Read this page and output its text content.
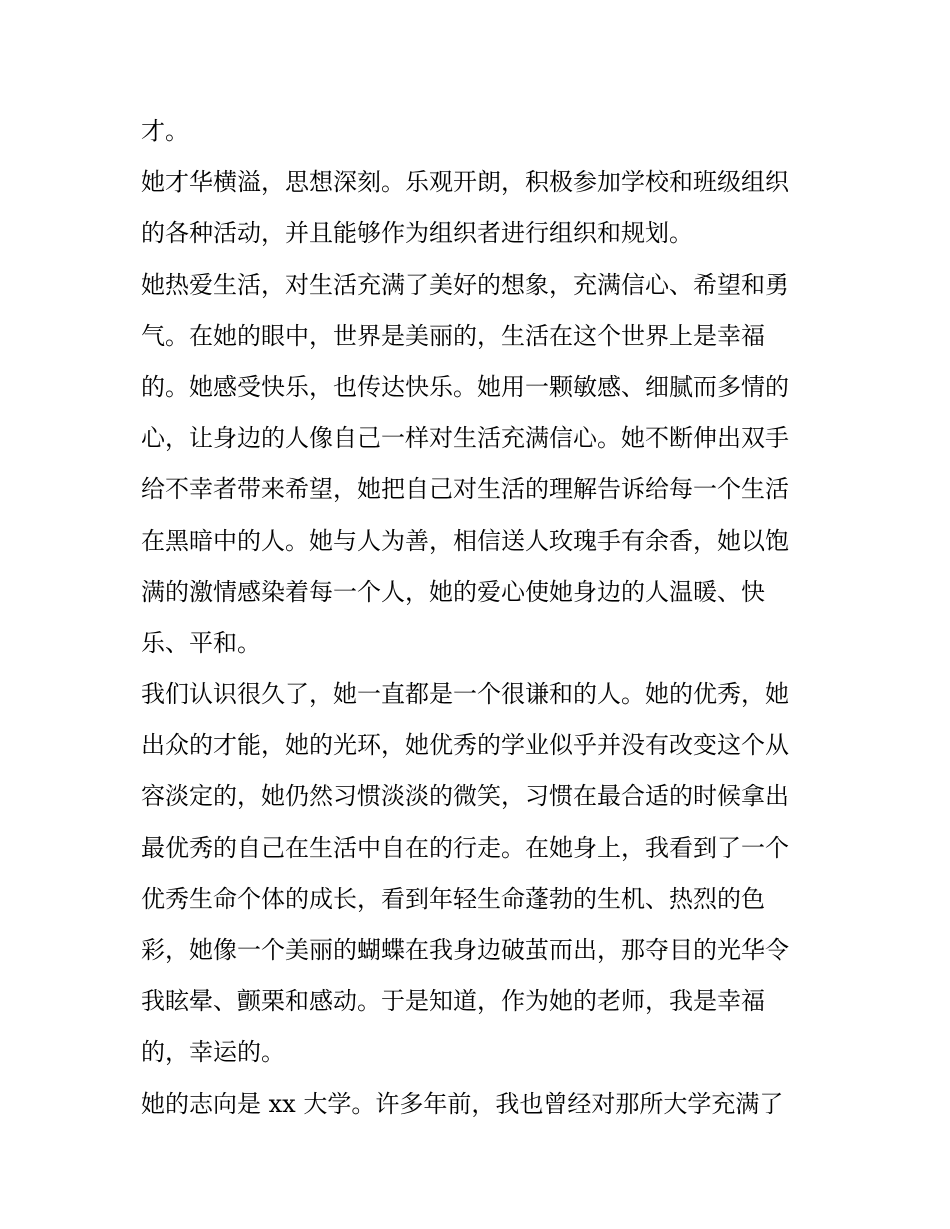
才。
她才华横溢，思想深刻。乐观开朗，积极参加学校和班级组织
的各种活动，并且能够作为组织者进行组织和规划。
她热爱生活，对生活充满了美好的想象，充满信心、希望和勇
气。在她的眼中，世界是美丽的，生活在这个世界上是幸福
的。她感受快乐，也传达快乐。她用一颗敏感、细腻而多情的
心，让身边的人像自己一样对生活充满信心。她不断伸出双手
给不幸者带来希望，她把自己对生活的理解告诉给每一个生活
在黑暗中的人。她与人为善，相信送人玫瑰手有余香，她以饱
满的激情感染着每一个人，她的爱心使她身边的人温暖、快
乐、平和。
我们认识很久了，她一直都是一个很谦和的人。她的优秀，她
出众的才能，她的光环，她优秀的学业似乎并没有改变这个从
容淡定的，她仍然习惯淡淡的微笑，习惯在最合适的时候拿出
最优秀的自己在生活中自在的行走。在她身上，我看到了一个
优秀生命个体的成长，看到年轻生命蓬勃的生机、热烈的色
彩，她像一个美丽的蝴蝶在我身边破茧而出，那夺目的光华令
我眩晕、颤栗和感动。于是知道，作为她的老师，我是幸福
的，幸运的。
她的志向是 xx 大学。许多年前，我也曾经对那所大学充满了
